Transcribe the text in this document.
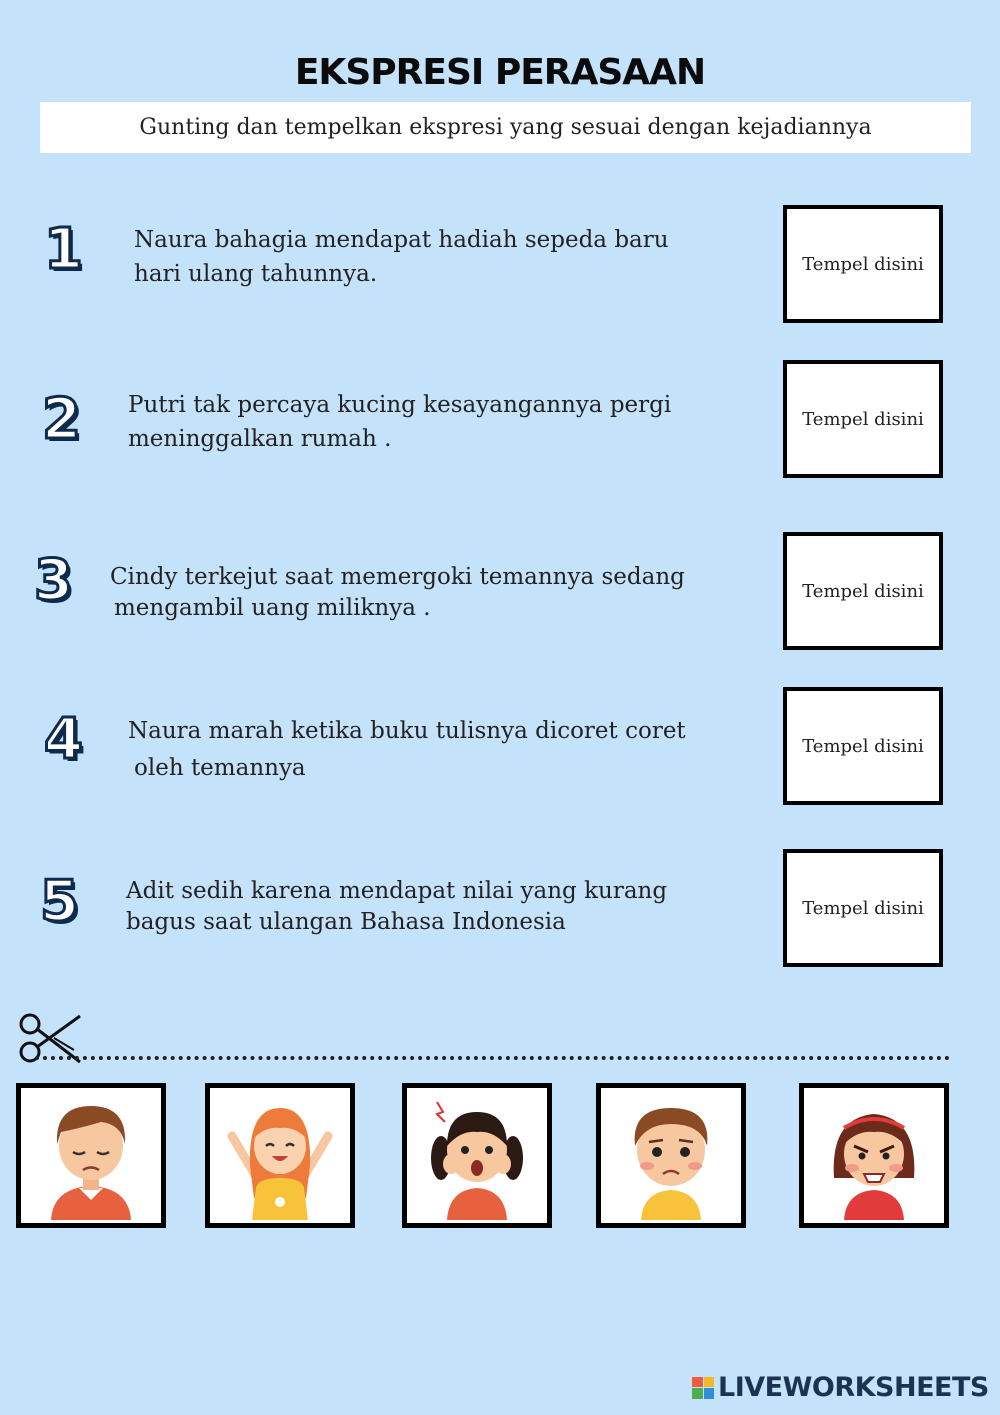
EKSPRESI PERASAAN
Gunting dan tempelkan ekspresi yang sesuai dengan kejadiannya
1 Naura bahagia mendapat hadiah sepeda baru
hari ulang tahunnya.	Tempel disini
2 Putri tak percaya kucing kesayangannya pergi
meninggalkan rumah .
Tempel disini
3 Cindy terkejut saat memergoki temannya sedang
mengambil uang miliknya .
Tempel disini
4 Naura marah ketika buku tulisnya dicoret coret
oleh temannya
Tempel disini
5 Adit sedih karena mendapat nilai yang kurang
bagus saat ulangan Bahasa Indonesia
Tempel disini
LIVEWORKSHEETS
